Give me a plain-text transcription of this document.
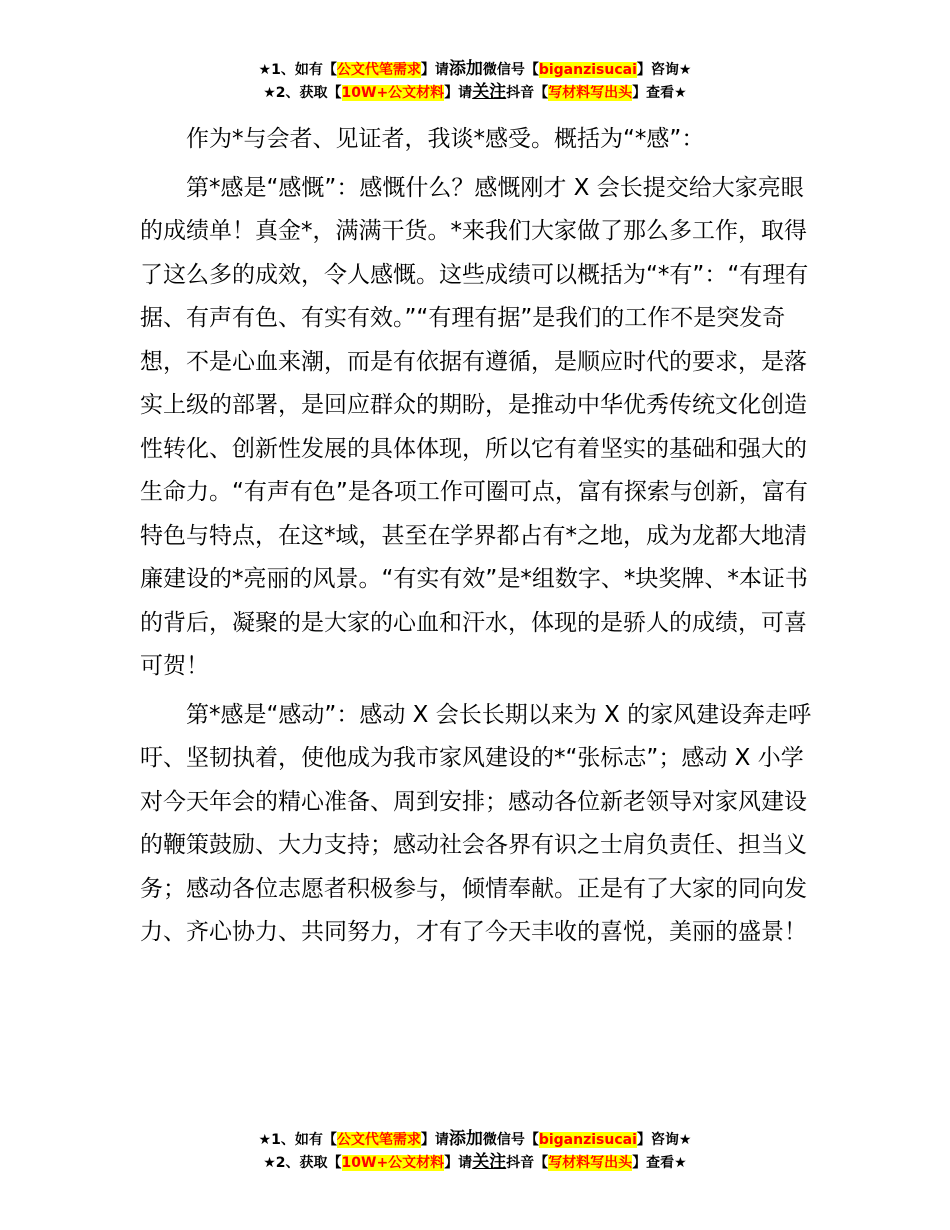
★1、如有【公文代笔需求】请添加微信号【biganzisucai】咨询★
★2、获取【10W+公文材料】请关注抖音【写材料写出头】查看★

作为*与会者、见证者，我谈*感受。概括为“*感”：

第*感是“感慨”：感慨什么？感慨刚才 X 会长提交给大家亮眼的成绩单！真金*，满满干货。*来我们大家做了那么多工作，取得了这么多的成效，令人感慨。这些成绩可以概括为“*有”：“有理有据、有声有色、有实有效。”“有理有据”是我们的工作不是突发奇想，不是心血来潮，而是有依据有遵循，是顺应时代的要求，是落实上级的部署，是回应群众的期盼，是推动中华优秀传统文化创造性转化、创新性发展的具体体现，所以它有着坚实的基础和强大的生命力。“有声有色”是各项工作可圈可点，富有探索与创新，富有特色与特点，在这*域，甚至在学界都占有*之地，成为龙都大地清廉建设的*亮丽的风景。“有实有效”是*组数字、*块奖牌、*本证书的背后，凝聚的是大家的心血和汗水，体现的是骄人的成绩，可喜可贺！

第*感是“感动”：感动 X 会长长期以来为 X 的家风建设奔走呼吁、坚韧执着，使他成为我市家风建设的*“张标志”；感动 X 小学对今天年会的精心准备、周到安排；感动各位新老领导对家风建设的鞭策鼓励、大力支持；感动社会各界有识之士肩负责任、担当义务；感动各位志愿者积极参与，倾情奉献。正是有了大家的同向发力、齐心协力、共同努力，才有了今天丰收的喜悦，美丽的盛景！

★1、如有【公文代笔需求】请添加微信号【biganzisucai】咨询★
★2、获取【10W+公文材料】请关注抖音【写材料写出头】查看★
